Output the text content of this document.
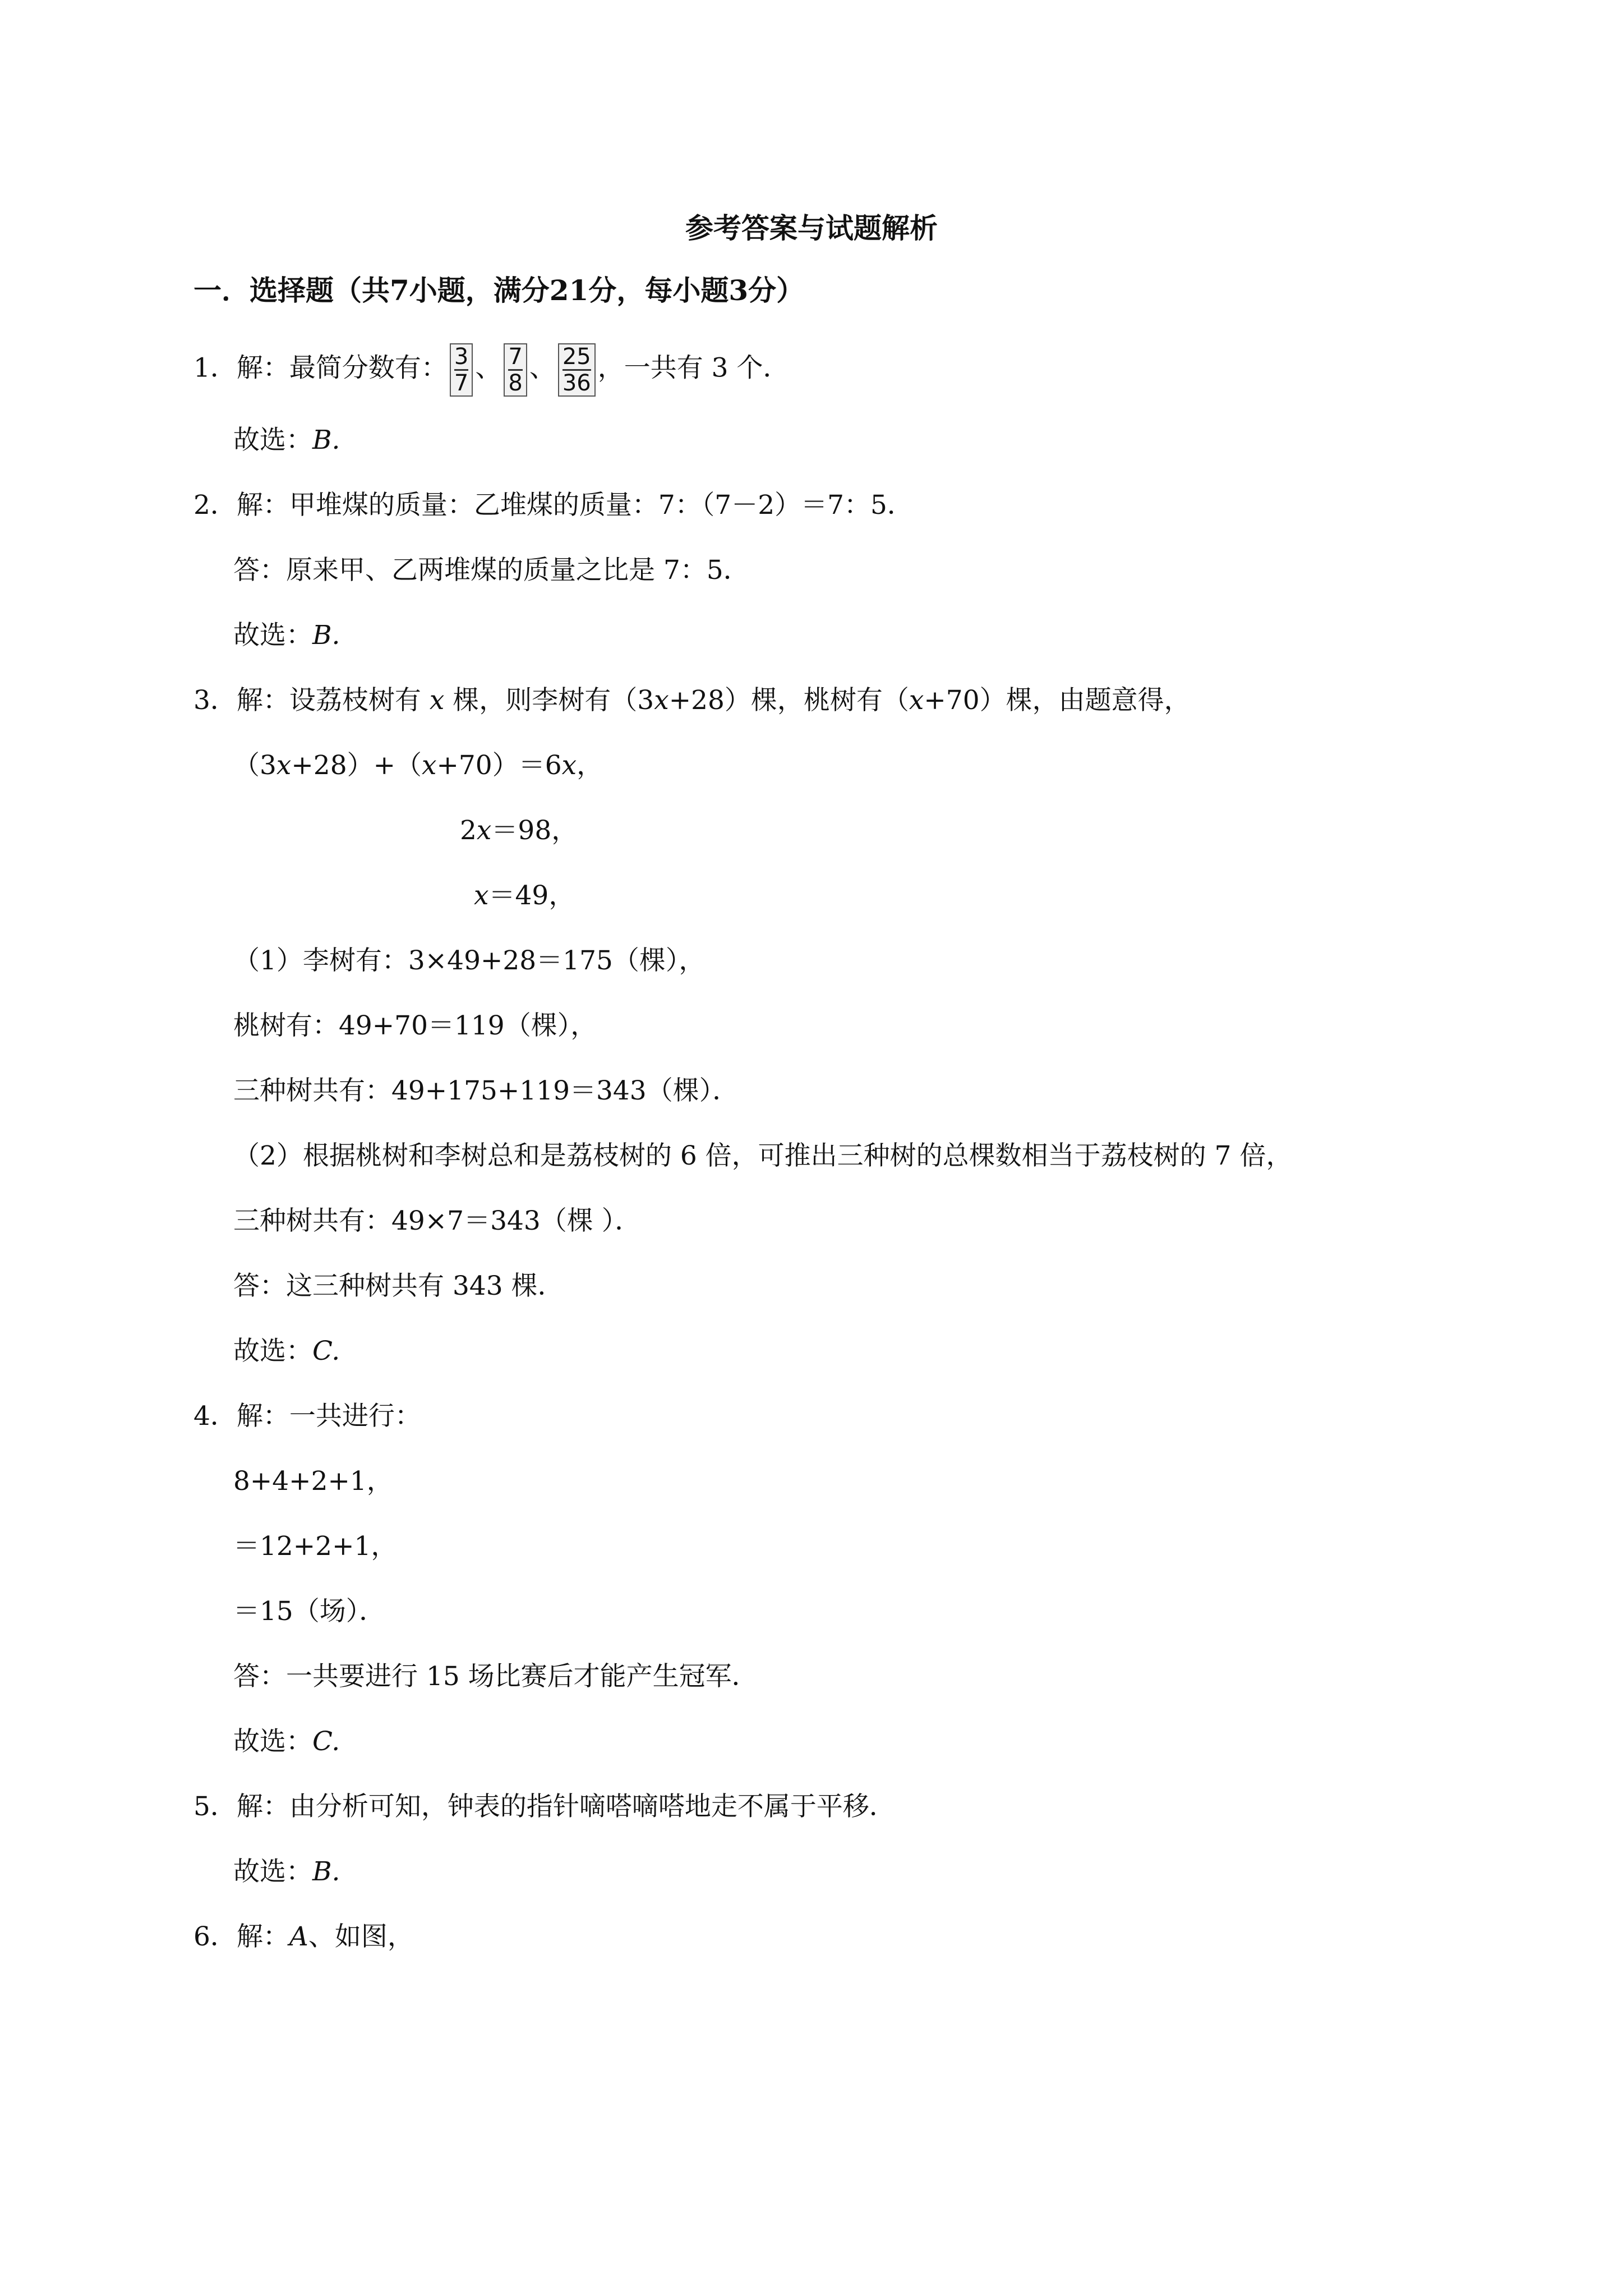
参考答案与试题解析
一．选择题（共7小题，满分21分，每小题3分）
1．解：最简分数有： $\frac{3}{7}$ 、 $\frac{7}{8}$ 、 $\frac{25}{36}$ ，一共有 3 个．
故选：B.
2．解：甲堆煤的质量：乙堆煤的质量：7：（7－2）＝7：5．
答：原来甲、乙两堆煤的质量之比是 7：5．
故选：B.
3．解：设荔枝树有 x 棵，则李树有（3x+28）棵，桃树有（x+70）棵，由题意得，
（3x+28）+（x+70）＝6x，
2x＝98，
x＝49，
（1）李树有：3×49+28＝175（棵），
桃树有：49+70＝119（棵），
三种树共有：49+175+119＝343（棵）．
（2）根据桃树和李树总和是荔枝树的 6 倍，可推出三种树的总棵数相当于荔枝树的 7 倍，
三种树共有：49×7＝343（棵 ）．
答：这三种树共有 343 棵．
故选：C.
4．解：一共进行：
8+4+2+1，
＝12+2+1，
＝15（场）．
答：一共要进行 15 场比赛后才能产生冠军．
故选：C.
5．解：由分析可知，钟表的指针嘀嗒嘀嗒地走不属于平移．
故选：B.
6．解：A、如图，
